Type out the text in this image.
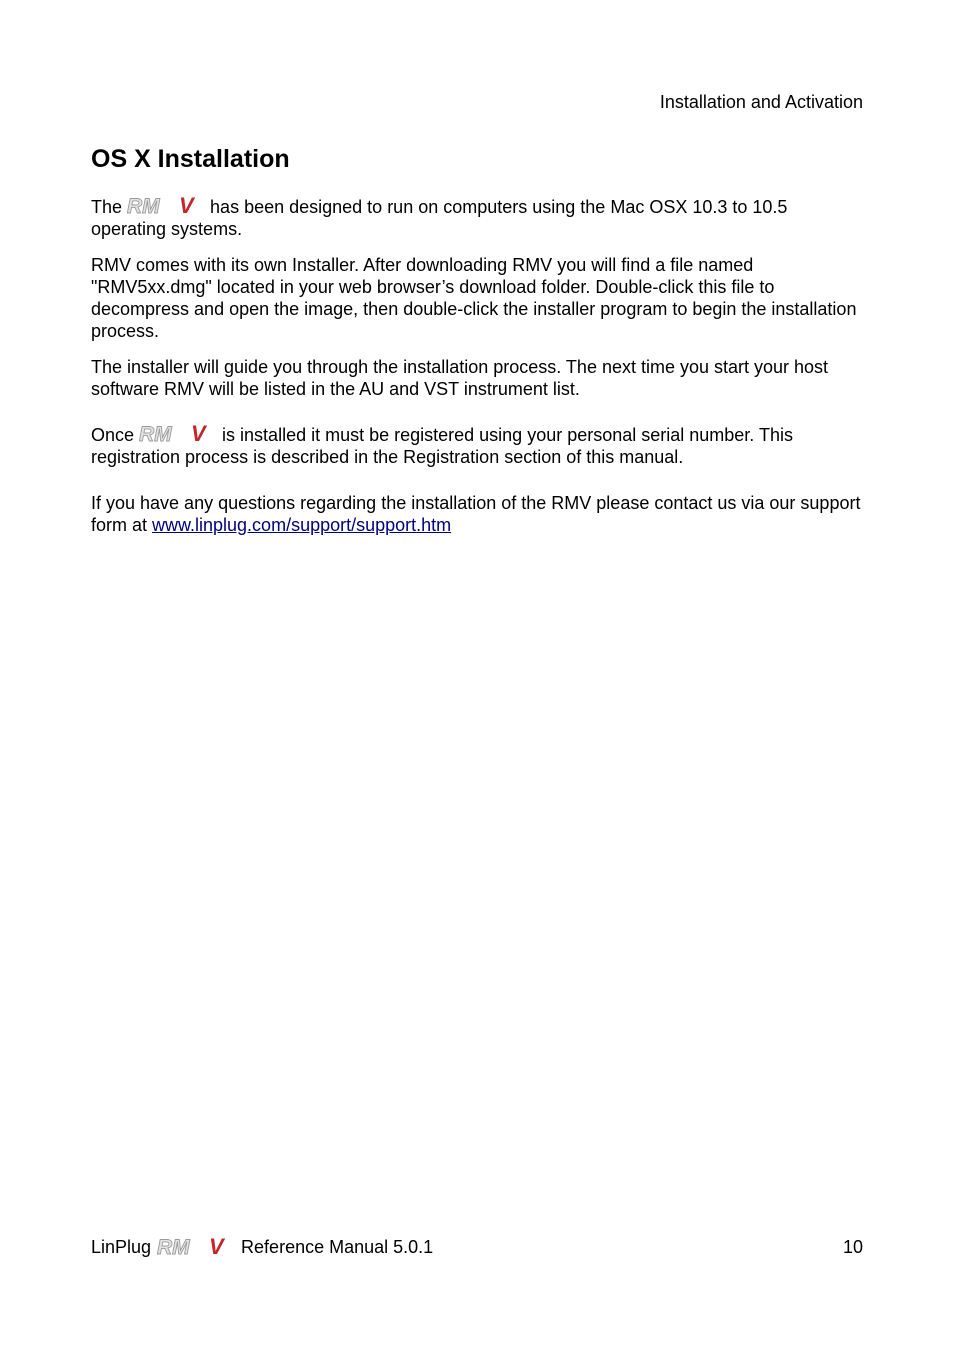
Installation and Activation
OS X Installation

The RM V has been designed to run on computers using the Mac OSX 10.3 to 10.5 operating systems.

RMV comes with its own Installer. After downloading RMV you will find a file named "RMV5xx.dmg" located in your web browser’s download folder. Double-click this file to decompress and open the image, then double-click the installer program to begin the installation process.

The installer will guide you through the installation process. The next time you start your host software RMV will be listed in the AU and VST instrument list.

Once RM V is installed it must be registered using your personal serial number. This registration process is described in the Registration section of this manual.

If you have any questions regarding the installation of the RMV please contact us via our support form at www.linplug.com/support/support.htm

LinPlug RM V Reference Manual 5.0.1	10
